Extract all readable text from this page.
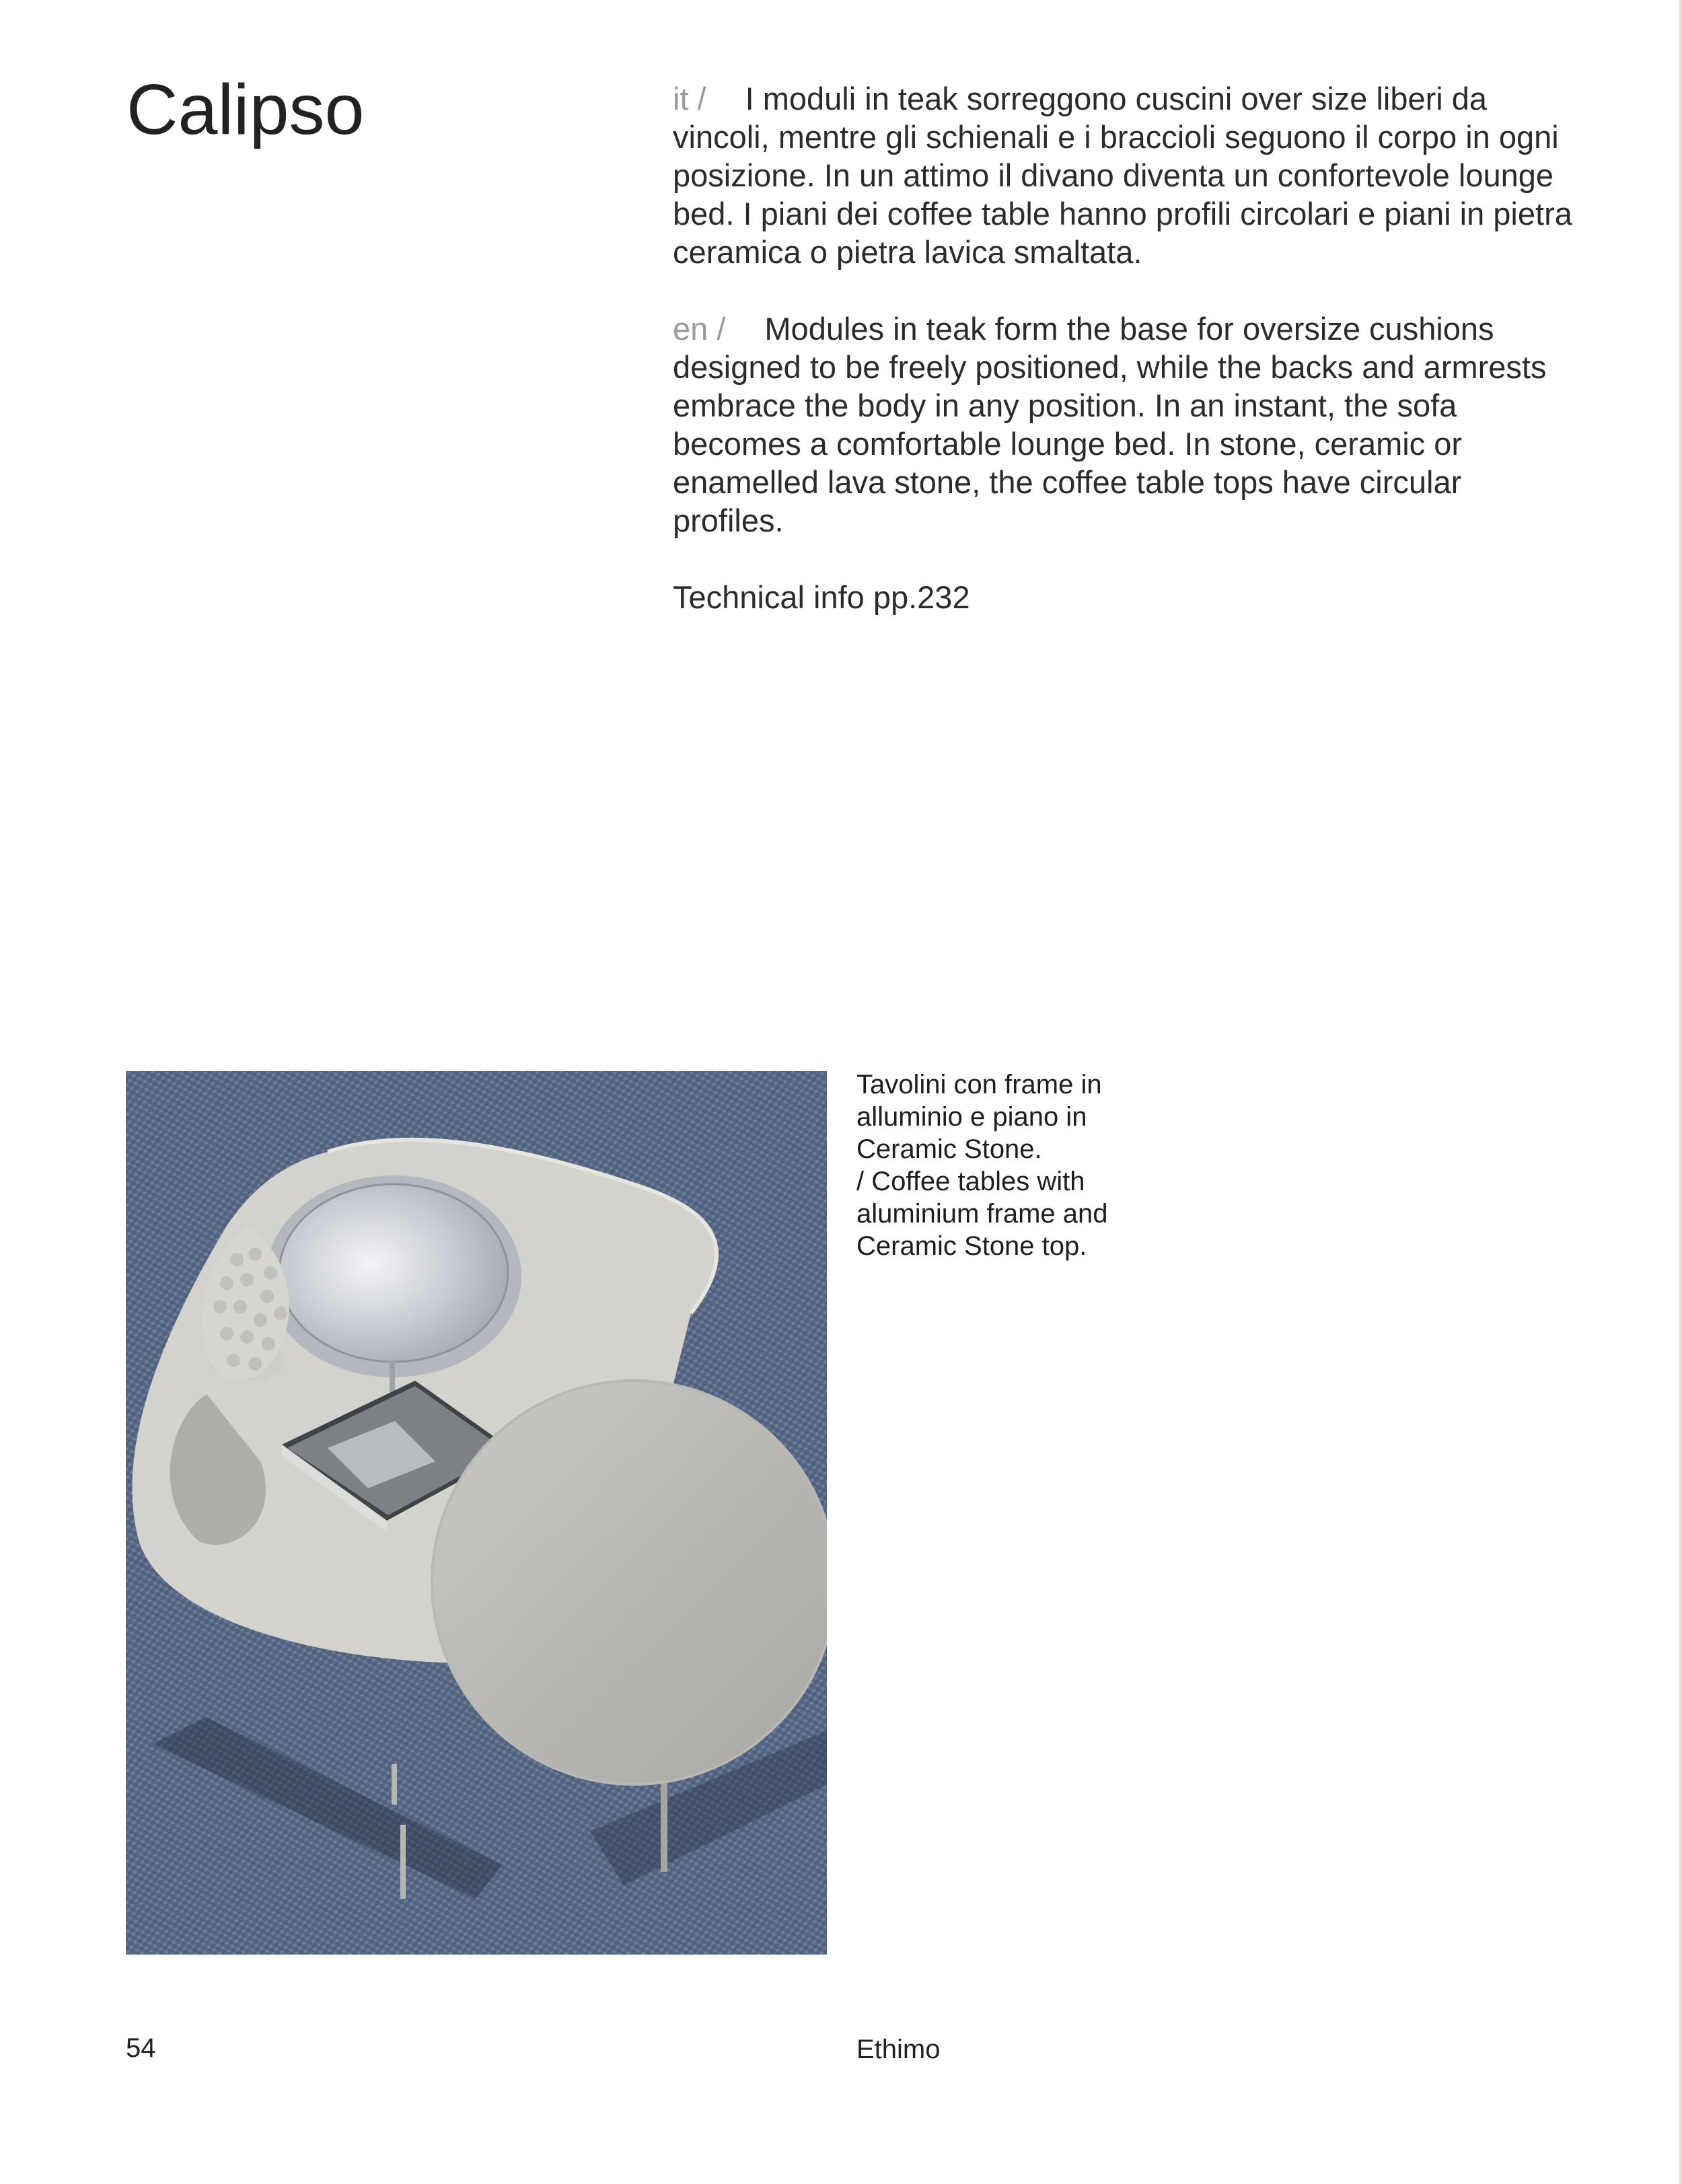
Calipso	it / I moduli in teak sorreggono cuscini over size liberi da vincoli, mentre gli schienali e i braccioli seguono il corpo in ogni posizione. In un attimo il divano diventa un confortevole lounge bed. I piani dei coffee table hanno profili circolari e piani in pietra ceramica o pietra lavica smaltata.

en / Modules in teak form the base for oversize cushions designed to be freely positioned, while the backs and armrests embrace the body in any position. In an instant, the sofa becomes a comfortable lounge bed. In stone, ceramic or enamelled lava stone, the coffee table tops have circular profiles.

Technical info pp.232

Tavolini con frame in
alluminio e piano in
Ceramic Stone.
/ Coffee tables with
aluminium frame and
Ceramic Stone top.

54	Ethimo
